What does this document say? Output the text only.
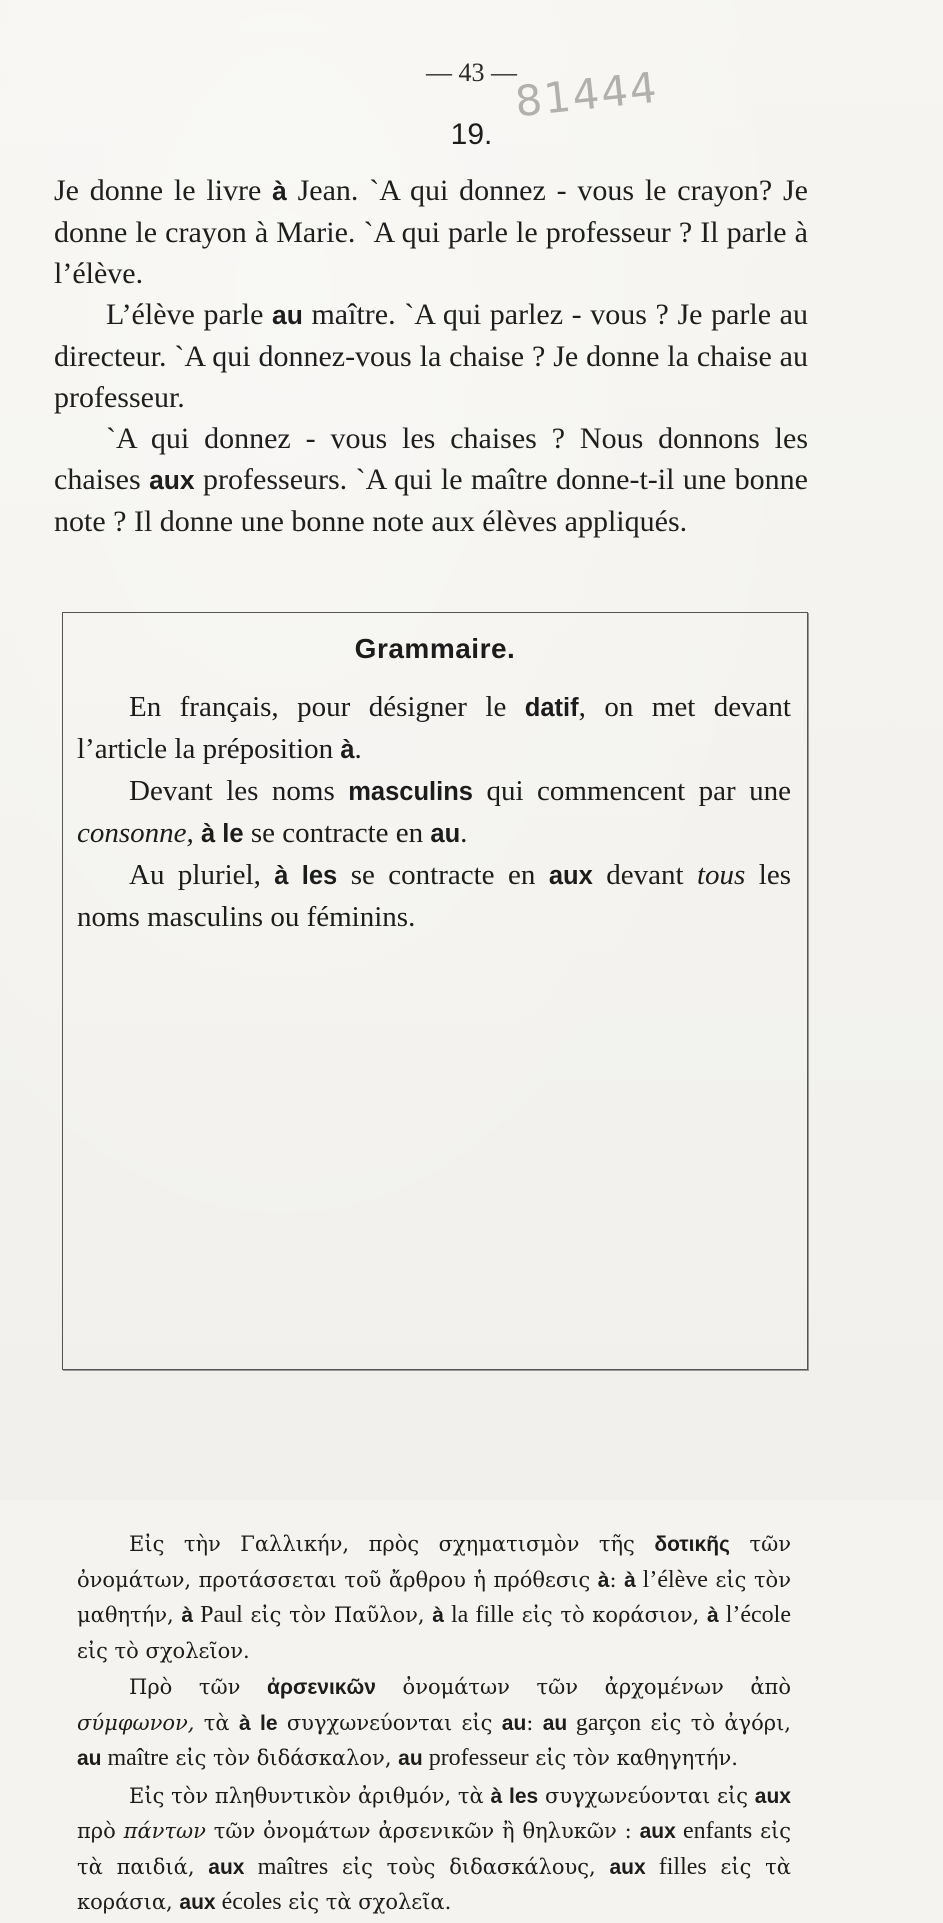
— 43 —
81444
19.

Je donne le livre à Jean. `A qui donnez - vous le crayon? Je donne le crayon à Marie. `A qui parle le professeur ? Il parle à l’élève.

L’élève parle au maître. `A qui parlez - vous ? Je parle au directeur. `A qui donnez-vous la chaise ? Je donne la chaise au professeur.

`A qui donnez - vous les chaises ? Nous donnons les chaises aux professeurs. `A qui le maître donne-t-il une bonne note ? Il donne une bonne note aux élèves appliqués.

Grammaire.

En français, pour désigner le datif, on met devant l’article la préposition à.

Devant les noms masculins qui commencent par une consonne, à le se contracte en au.

Au pluriel, à les se contracte en aux devant tous les noms masculins ou féminins.

Εἰς τὴν Γαλλικήν, πρὸς σχηματισμὸν τῆς δοτικῆς τῶν ὀνομάτων, προτάσσεται τοῦ ἄρθρου ἡ πρόθεσις à: à l’élève εἰς τὸν μαθητήν, à Paul εἰς τὸν Παῦλον, à la fille εἰς τὸ κοράσιον, à l’école εἰς τὸ σχολεῖον.

Πρὸ τῶν ἀρσενικῶν ὀνομάτων τῶν ἀρχομένων ἀπὸ σύμφωνον, τὰ à le συγχωνεύονται εἰς au: au garçon εἰς τὸ ἀγόρι, au maître εἰς τὸν διδάσκαλον, au professeur εἰς τὸν καθηγητήν.

Εἰς τὸν πληθυντικὸν ἀριθμόν, τὰ à les συγχωνεύονται εἰς aux πρὸ πάντων τῶν ὀνομάτων ἀρσενικῶν ἢ θηλυκῶν : aux enfants εἰς τὰ παιδιά, aux maîtres εἰς τοὺς διδασκάλους, aux filles εἰς τὰ κοράσια, aux écoles εἰς τὰ σχολεῖα.
